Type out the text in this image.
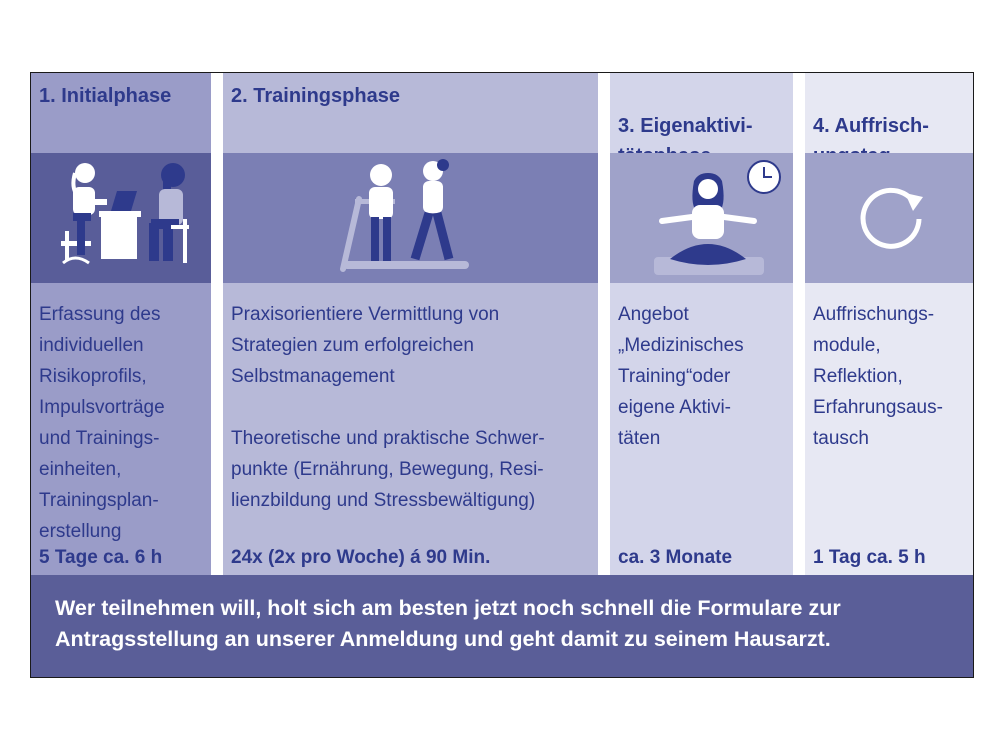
1. Initialphase

Erfassung des
individuellen
Risikoprofils,
Impulsvorträge
und Trainings-
einheiten,
Trainingsplan-
erstellung

5 Tage ca. 6 h

2. Trainingsphase

Praxisorientiere Vermittlung von
Strategien zum erfolgreichen
Selbstmanagement

Theoretische und praktische Schwer-
punkte (Ernährung, Bewegung, Resi-
lienzbildung und Stressbewältigung)

24x (2x pro Woche) á 90 Min.

3. Eigenaktivi-

Angebot
„Medizinisches
Training“oder
eigene Aktivi-
täten

ca. 3 Monate

4. Auffrisch-

Auffrischungs-
module,
Reflektion,
Erfahrungsaus-
tausch

1 Tag ca. 5 h

Wer teilnehmen will, holt sich am besten jetzt noch schnell die Formulare zur Antragsstellung an unserer Anmeldung und geht damit zu seinem Hausarzt.
